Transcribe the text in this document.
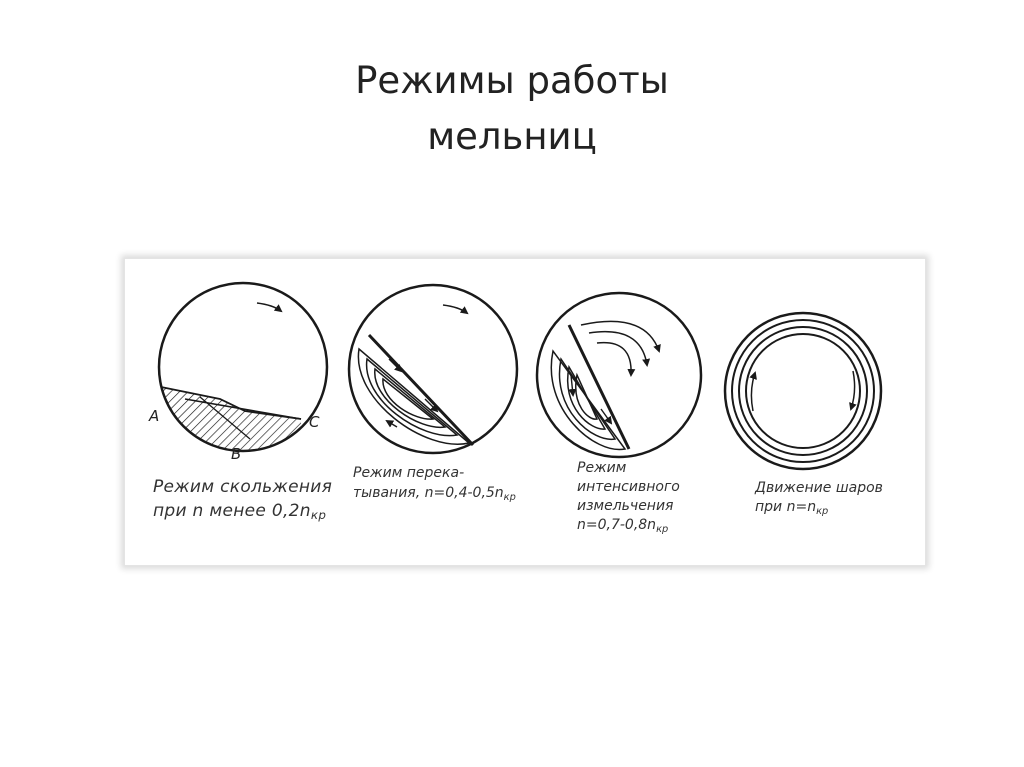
Режимы работы
мельниц
A
B
C
Режим скольжения
при n менее $0,2n_{кр}$
Режим перека-
тывания, $n=0,4-0,5n_{кр}$
Режим
интенсивного
измельчения
$n=0,7-0,8n_{кр}$
Движение шаров
при $n=n_{кр}$
